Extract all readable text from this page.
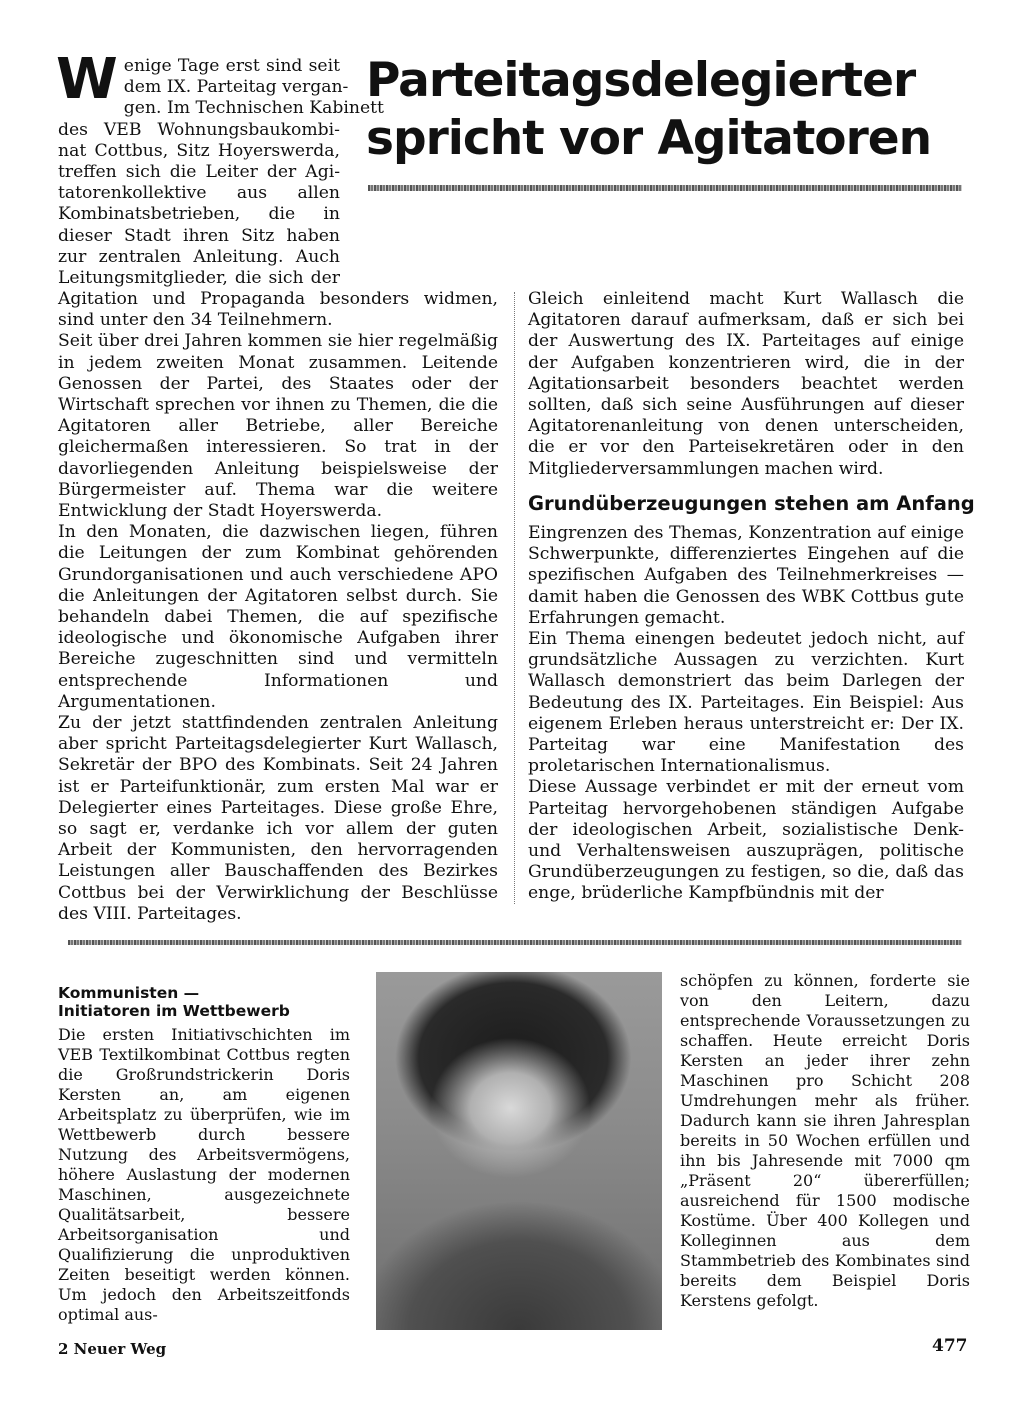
W enige Tage erst sind seit
dem IX. Parteitag vergan-
gen. Im Technischen Kabinett
des VEB Wohnungsbaukombi-
nat Cottbus, Sitz Hoyerswerda,
treffen sich die Leiter der Agi-
tatorenkollektive aus allen
Kombinatsbetrieben, die in
dieser Stadt ihren Sitz haben
zur zentralen Anleitung. Auch
Leitungsmitglieder, die sich der
Parteitagsdelegierter
spricht vor Agitatoren

Agitation und Propaganda besonders widmen, sind unter den 34 Teilnehmern.

Seit über drei Jahren kommen sie hier regelmäßig in jedem zweiten Monat zusammen. Leitende Genossen der Partei, des Staates oder der Wirtschaft sprechen vor ihnen zu Themen, die die Agitatoren aller Betriebe, aller Bereiche gleichermaßen interessieren. So trat in der davorliegenden Anleitung beispielsweise der Bürgermeister auf. Thema war die weitere Entwicklung der Stadt Hoyerswerda.

In den Monaten, die dazwischen liegen, führen die Leitungen der zum Kombinat gehörenden Grundorganisationen und auch verschiedene APO die Anleitungen der Agitatoren selbst durch. Sie behandeln dabei Themen, die auf spezifische ideologische und ökonomische Aufgaben ihrer Bereiche zugeschnitten sind und vermitteln entsprechende Informationen und Argumentationen.

Zu der jetzt stattfindenden zentralen Anleitung aber spricht Parteitagsdelegierter Kurt Wallasch, Sekretär der BPO des Kombinats. Seit 24 Jahren ist er Parteifunktionär, zum ersten Mal war er Delegierter eines Parteitages. Diese große Ehre, so sagt er, verdanke ich vor allem der guten Arbeit der Kommunisten, den hervorragenden Leistungen aller Bauschaffenden des Bezirkes Cottbus bei der Verwirklichung der Beschlüsse des VIII. Parteitages.

Gleich einleitend macht Kurt Wallasch die Agitatoren darauf aufmerksam, daß er sich bei der Auswertung des IX. Parteitages auf einige der Aufgaben konzentrieren wird, die in der Agitationsarbeit besonders beachtet werden sollten, daß sich seine Ausführungen auf dieser Agitatorenanleitung von denen unterscheiden, die er vor den Parteisekretären oder in den Mitgliederversammlungen machen wird.

Grundüberzeugungen stehen am Anfang

Eingrenzen des Themas, Konzentration auf einige Schwerpunkte, differenziertes Eingehen auf die spezifischen Aufgaben des Teilnehmerkreises — damit haben die Genossen des WBK Cottbus gute Erfahrungen gemacht.

Ein Thema einengen bedeutet jedoch nicht, auf grundsätzliche Aussagen zu verzichten. Kurt Wallasch demonstriert das beim Darlegen der Bedeutung des IX. Parteitages. Ein Beispiel: Aus eigenem Erleben heraus unterstreicht er: Der IX. Parteitag war eine Manifestation des proletarischen Internationalismus.

Diese Aussage verbindet er mit der erneut vom Parteitag hervorgehobenen ständigen Aufgabe der ideologischen Arbeit, sozialistische Denk- und Verhaltensweisen auszuprägen, politische Grundüberzeugungen zu festigen, so die, daß das enge, brüderliche Kampfbündnis mit der

Kommunisten —
Initiatoren im Wettbewerb
Die ersten Initiativschichten im VEB Textilkombinat Cottbus regten die Großrundstrickerin Doris Kersten an, am eigenen Arbeitsplatz zu überprüfen, wie im Wettbewerb durch bessere Nutzung des Arbeitsvermögens, höhere Auslastung der modernen Maschinen, ausgezeichnete Qualitätsarbeit, bessere Arbeitsorganisation und Qualifizierung die unproduktiven Zeiten beseitigt werden können. Um jedoch den Arbeitszeitfonds optimal aus-
schöpfen zu können, forderte sie von den Leitern, dazu entsprechende Voraussetzungen zu schaffen. Heute erreicht Doris Kersten an jeder ihrer zehn Maschinen pro Schicht 208 Umdrehungen mehr als früher. Dadurch kann sie ihren Jahresplan bereits in 50 Wochen erfüllen und ihn bis Jahresende mit 7000 qm „Präsent 20“ übererfüllen; ausreichend für 1500 modische Kostüme. Über 400 Kollegen und Kolleginnen aus dem Stammbetrieb des Kombinates sind bereits dem Beispiel Doris Kerstens gefolgt.
2 Neuer Weg	477
